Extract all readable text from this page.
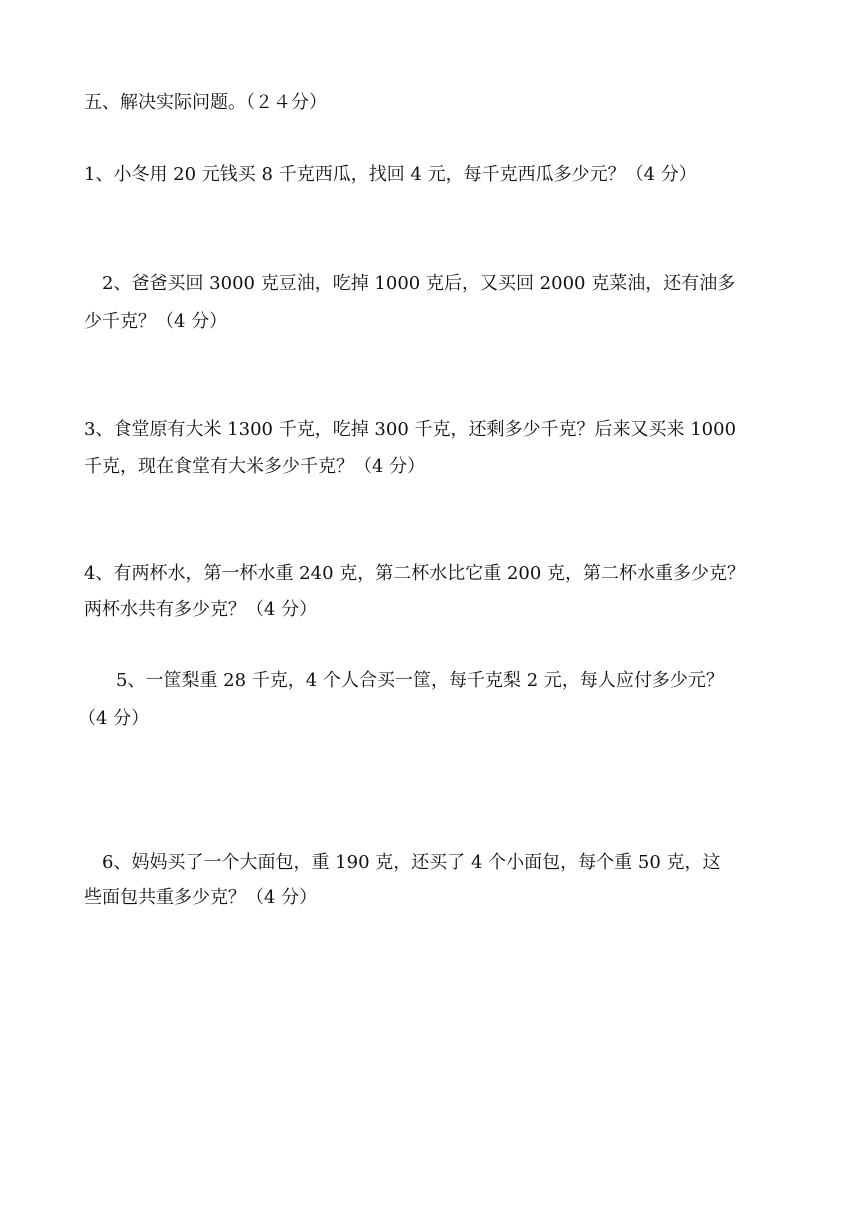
五、解决实际问题。（２４分）
1、小冬用 20 元钱买 8 千克西瓜，找回 4 元，每千克西瓜多少元？（4 分）
2、爸爸买回 3000 克豆油，吃掉 1000 克后，又买回 2000 克菜油，还有油多
少千克？（4 分）
3、食堂原有大米 1300 千克，吃掉 300 千克，还剩多少千克？后来又买来 1000
千克，现在食堂有大米多少千克？（4 分）
4、有两杯水，第一杯水重 240 克，第二杯水比它重 200 克，第二杯水重多少克？
两杯水共有多少克？（4 分）
5、一筐梨重 28 千克，4 个人合买一筐，每千克梨 2 元，每人应付多少元？
（4 分）
6、妈妈买了一个大面包，重 190 克，还买了 4 个小面包，每个重 50 克，这
些面包共重多少克？（4 分）
